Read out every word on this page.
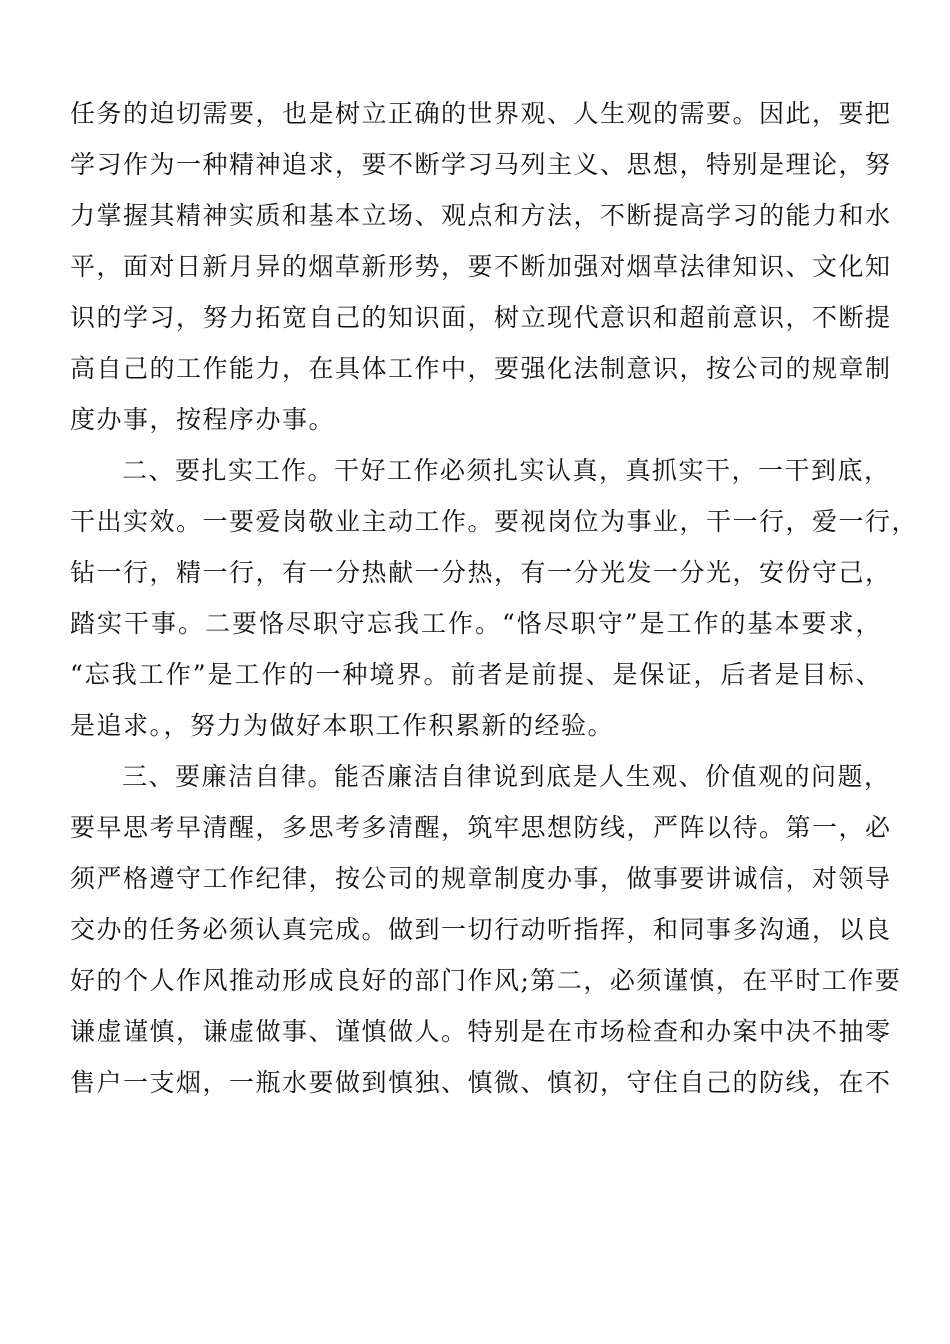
任务的迫切需要，也是树立正确的世界观、人生观的需要。因此，要把
学习作为一种精神追求，要不断学习马列主义、思想，特别是理论，努
力掌握其精神实质和基本立场、观点和方法，不断提高学习的能力和水
平，面对日新月异的烟草新形势，要不断加强对烟草法律知识、文化知
识的学习，努力拓宽自己的知识面，树立现代意识和超前意识，不断提
高自己的工作能力，在具体工作中，要强化法制意识，按公司的规章制
度办事，按程序办事。
二、要扎实工作。干好工作必须扎实认真，真抓实干，一干到底，
干出实效。一要爱岗敬业主动工作。要视岗位为事业，干一行，爱一行，
钻一行，精一行，有一分热献一分热，有一分光发一分光，安份守己，
踏实干事。二要恪尽职守忘我工作。“恪尽职守”是工作的基本要求，
“忘我工作”是工作的一种境界。前者是前提、是保证，后者是目标、
是追求。，努力为做好本职工作积累新的经验。
三、要廉洁自律。能否廉洁自律说到底是人生观、价值观的问题，
要早思考早清醒，多思考多清醒，筑牢思想防线，严阵以待。第一，必
须严格遵守工作纪律，按公司的规章制度办事，做事要讲诚信，对领导
交办的任务必须认真完成。做到一切行动听指挥，和同事多沟通，以良
好的个人作风推动形成良好的部门作风;第二，必须谨慎，在平时工作要
谦虚谨慎，谦虚做事、谨慎做人。特别是在市场检查和办案中决不抽零
售户一支烟，一瓶水要做到慎独、慎微、慎初，守住自己的防线，在不
